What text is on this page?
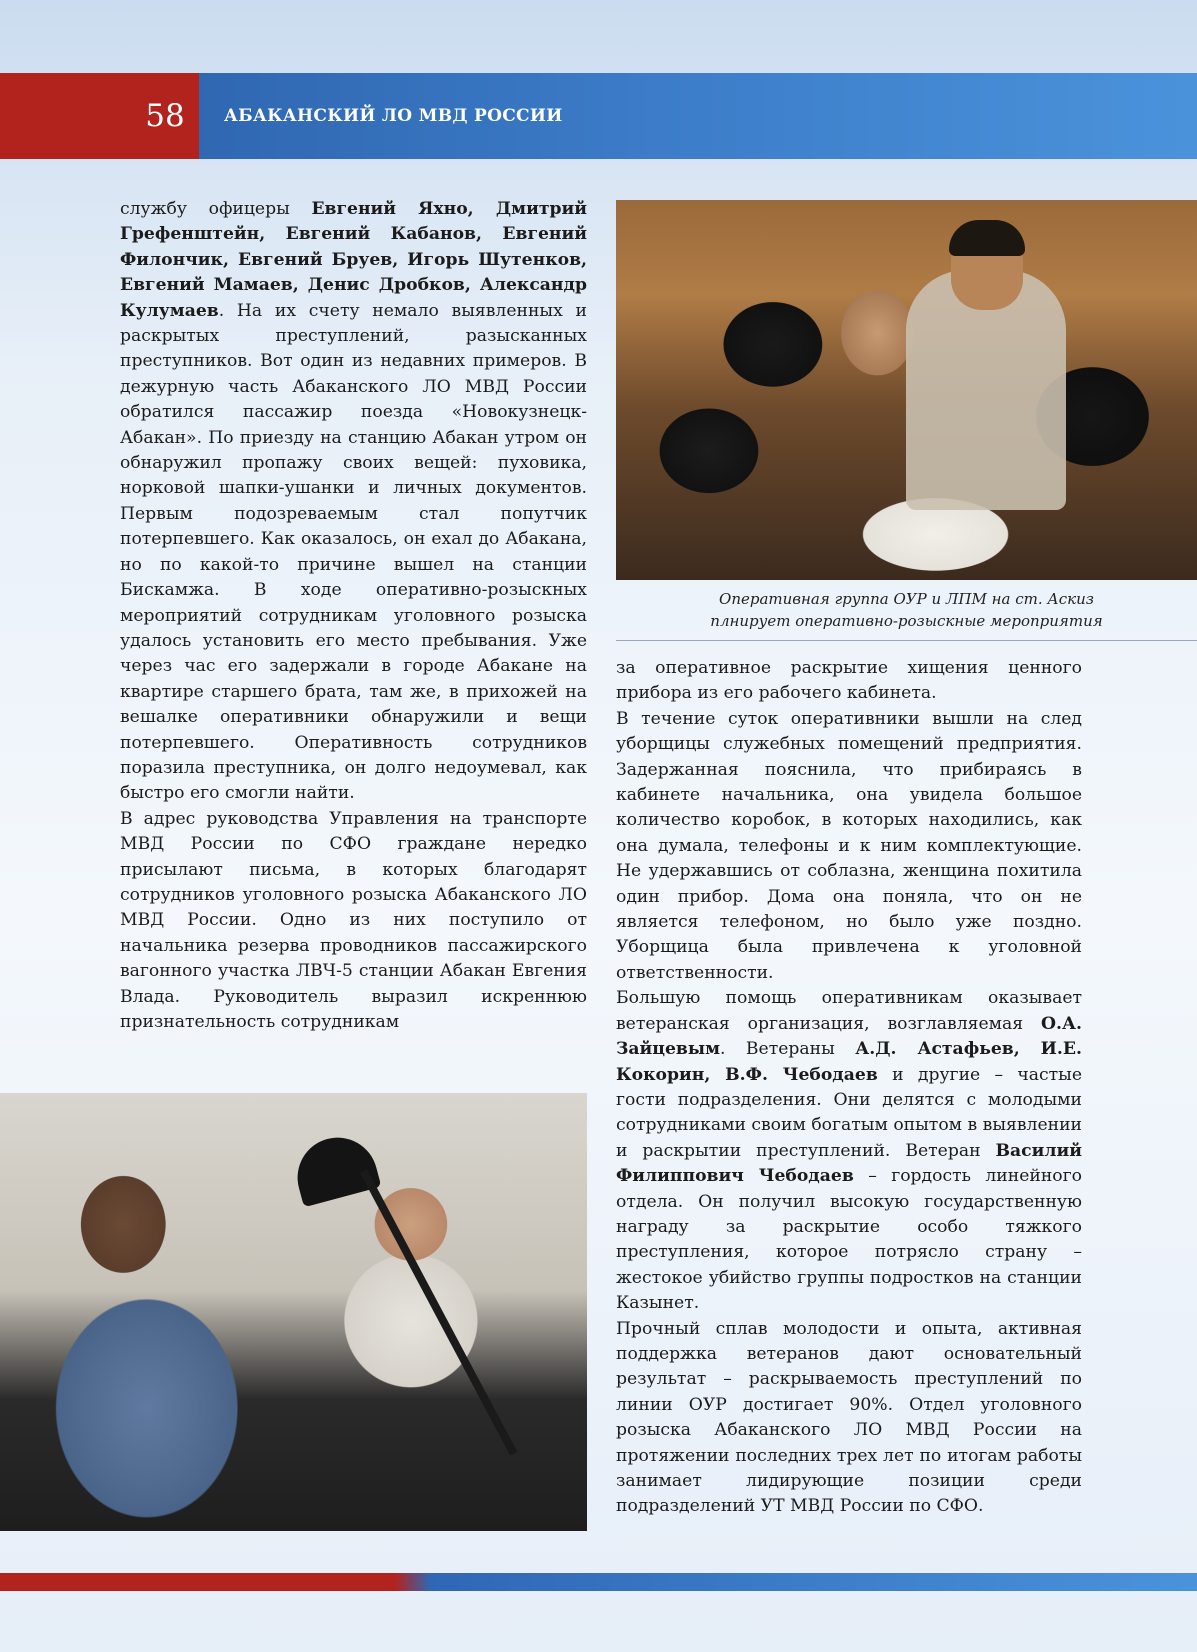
58	АБАКАНСКИЙ ЛО МВД РОССИИ

службу офицеры Евгений Яхно, Дмитрий Грефенштейн, Евгений Кабанов, Евгений Филончик, Евгений Бруев, Игорь Шутенков, Евгений Мамаев, Денис Дробков, Александр Кулумаев. На их счету немало выявленных и раскрытых преступлений, разысканных преступников. Вот один из недавних примеров. В дежурную часть Абаканского ЛО МВД России обратился пассажир поезда «Новокузнецк-Абакан». По приезду на станцию Абакан утром он обнаружил пропажу своих вещей: пуховика, норковой шапки-ушанки и личных документов. Первым подозреваемым стал попутчик потерпевшего. Как оказалось, он ехал до Абакана, но по какой-то причине вышел на станции Бискамжа. В ходе оперативно-розыскных мероприятий сотрудникам уголовного розыска удалось установить его место пребывания. Уже через час его задержали в городе Абакане на квартире старшего брата, там же, в прихожей на вешалке оперативники обнаружили и вещи потерпевшего. Оперативность сотрудников поразила преступника, он долго недоумевал, как быстро его смогли найти.

В адрес руководства Управления на транспорте МВД России по СФО граждане нередко присылают письма, в которых благодарят сотрудников уголовного розыска Абаканского ЛО МВД России. Одно из них поступило от начальника резерва проводников пассажирского вагонного участка ЛВЧ-5 станции Абакан Евгения Влада. Руководитель выразил искреннюю признательность сотрудникам

Оперативная группа ОУР и ЛПМ на ст. Аскиз
плнирует оперативно-розыскные мероприятия

за оперативное раскрытие хищения ценного прибора из его рабочего кабинета.

В течение суток оперативники вышли на след уборщицы служебных помещений предприятия. Задержанная пояснила, что прибираясь в кабинете начальника, она увидела большое количество коробок, в которых находились, как она думала, телефоны и к ним комплектующие. Не удержавшись от соблазна, женщина похитила один прибор. Дома она поняла, что он не является телефоном, но было уже поздно. Уборщица была привлечена к уголовной ответственности.

Большую помощь оперативникам оказывает ветеранская организация, возглавляемая О.А. Зайцевым. Ветераны А.Д. Астафьев, И.Е. Кокорин, В.Ф. Чебодаев и другие – частые гости подразделения. Они делятся с молодыми сотрудниками своим богатым опытом в выявлении и раскрытии преступлений. Ветеран Василий Филиппович Чебодаев – гордость линейного отдела. Он получил высокую государственную награду за раскрытие особо тяжкого преступления, которое потрясло страну – жестокое убийство группы подростков на станции Казынет.

Прочный сплав молодости и опыта, активная поддержка ветеранов дают основательный результат – раскрываемость преступлений по линии ОУР достигает 90%. Отдел уголовного розыска Абаканского ЛО МВД России на протяжении последних трех лет по итогам работы занимает лидирующие позиции среди подразделений УТ МВД России по СФО.
